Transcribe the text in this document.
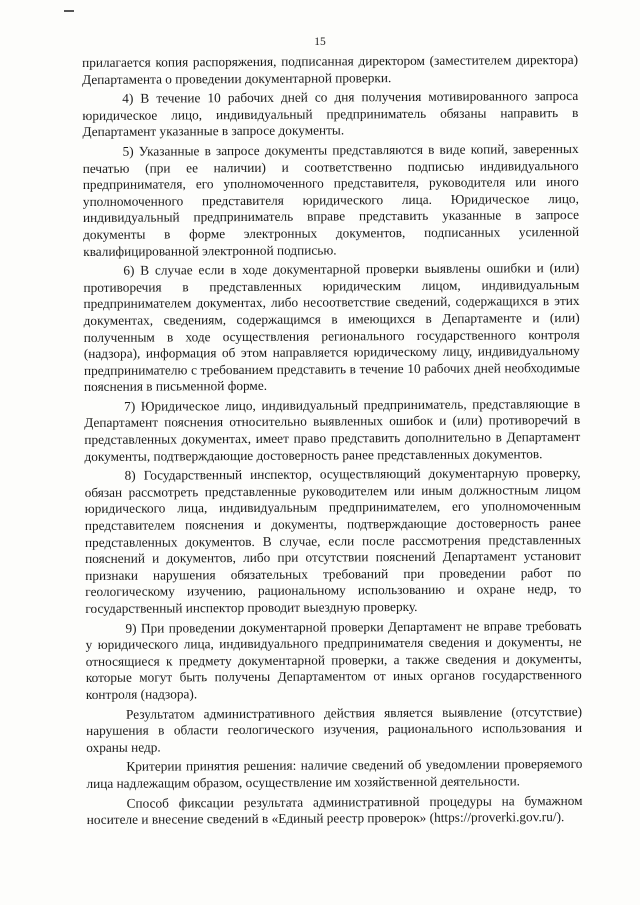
15

прилагается копия распоряжения, подписанная директором (заместителем директора) Департамента о проведении документарной проверки.

4) В течение 10 рабочих дней со дня получения мотивированного запроса юридическое лицо, индивидуальный предприниматель обязаны направить в Департамент указанные в запросе документы.

5) Указанные в запросе документы представляются в виде копий, заверенных печатью (при ее наличии) и соответственно подписью индивидуального предпринимателя, его уполномоченного представителя, руководителя или иного уполномоченного представителя юридического лица. Юридическое лицо, индивидуальный предприниматель вправе представить указанные в запросе документы в форме электронных документов, подписанных усиленной квалифицированной электронной подписью.

6) В случае если в ходе документарной проверки выявлены ошибки и (или) противоречия в представленных юридическим лицом, индивидуальным предпринимателем документах, либо несоответствие сведений, содержащихся в этих документах, сведениям, содержащимся в имеющихся в Департаменте и (или) полученным в ходе осуществления регионального государственного контроля (надзора), информация об этом направляется юридическому лицу, индивидуальному предпринимателю с требованием представить в течение 10 рабочих дней необходимые пояснения в письменной форме.

7) Юридическое лицо, индивидуальный предприниматель, представляющие в Департамент пояснения относительно выявленных ошибок и (или) противоречий в представленных документах, имеет право представить дополнительно в Департамент документы, подтверждающие достоверность ранее представленных документов.

8) Государственный инспектор, осуществляющий документарную проверку, обязан рассмотреть представленные руководителем или иным должностным лицом юридического лица, индивидуальным предпринимателем, его уполномоченным представителем пояснения и документы, подтверждающие достоверность ранее представленных документов. В случае, если после рассмотрения представленных пояснений и документов, либо при отсутствии пояснений Департамент установит признаки нарушения обязательных требований при проведении работ по геологическому изучению, рациональному использованию и охране недр, то государственный инспектор проводит выездную проверку.

9) При проведении документарной проверки Департамент не вправе требовать у юридического лица, индивидуального предпринимателя сведения и документы, не относящиеся к предмету документарной проверки, а также сведения и документы, которые могут быть получены Департаментом от иных органов государственного контроля (надзора).

Результатом административного действия является выявление (отсутствие) нарушения в области геологического изучения, рационального использования и охраны недр.

Критерии принятия решения: наличие сведений об уведомлении проверяемого лица надлежащим образом, осуществление им хозяйственной деятельности.

Способ фиксации результата административной процедуры на бумажном носителе и внесение сведений в «Единый реестр проверок» (https://proverki.gov.ru/).
